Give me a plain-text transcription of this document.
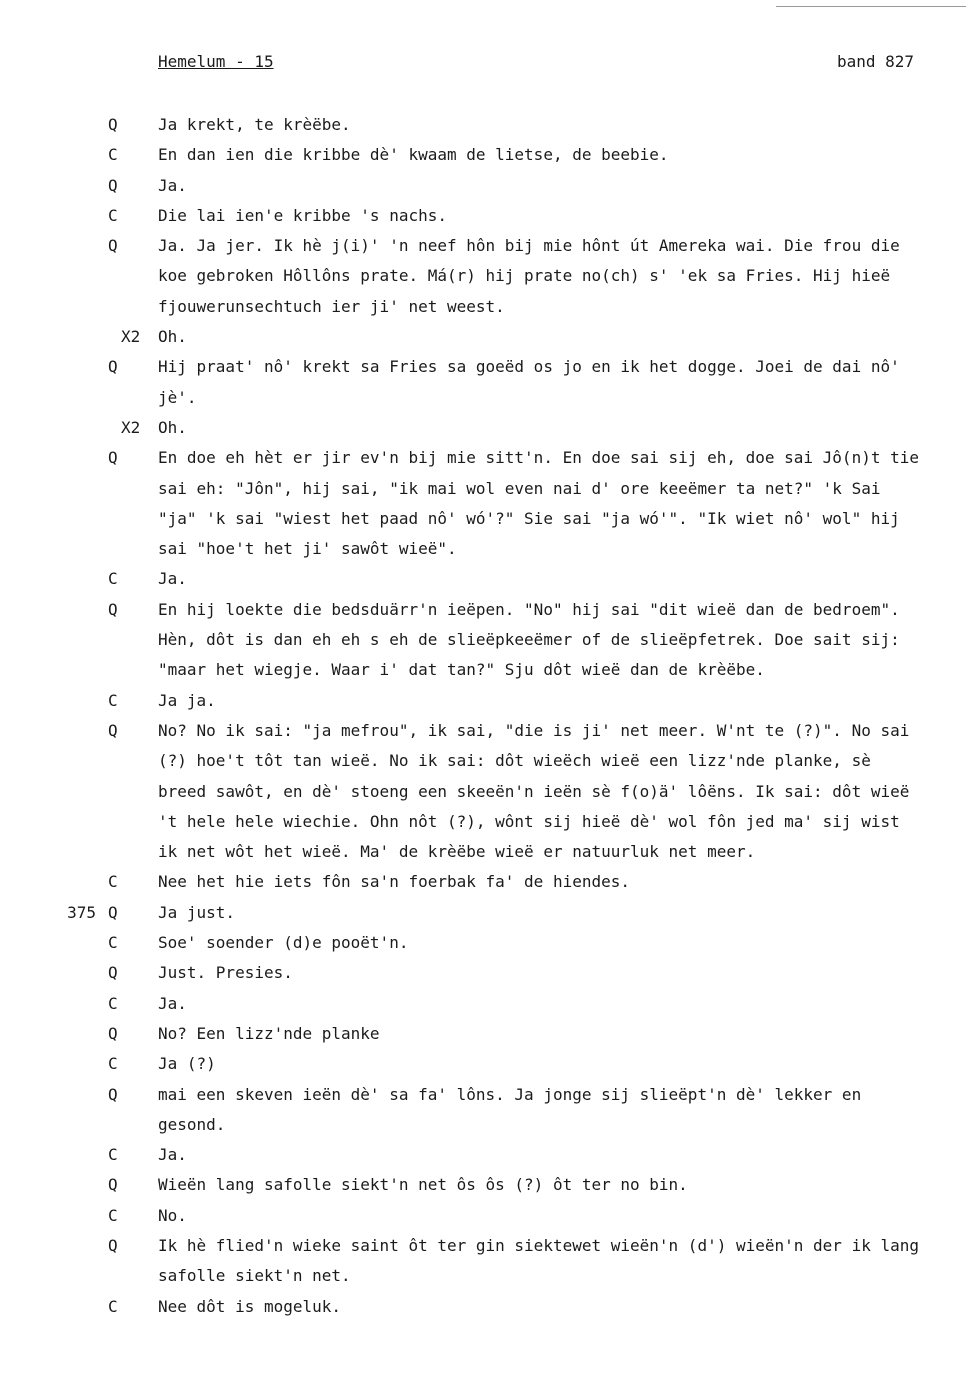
Hemelum - 15	band 827
Q	Ja krekt, te krèëbe.
C	En dan ien die kribbe dè' kwaam de lietse, de beebie.
Q	Ja.
C	Die lai ien'e kribbe 's nachs.
Q	Ja. Ja jer. Ik hè j(i)' 'n neef hôn bij mie hônt út Amereka wai. Die frou die koe gebroken Hôllôns prate. Má(r) hij prate no(ch) s' 'ek sa Fries. Hij hieë fjouwerunsechtuch ier ji' net weest.
X2 Oh.
Q	Hij praat' nô' krekt sa Fries sa goeëd os jo en ik het dogge. Joei de dai nô' jè'.
X2 Oh.
Q	En doe eh hèt er jir ev'n bij mie sitt'n. En doe sai sij eh, doe sai Jô(n)t tie sai eh: "Jôn", hij sai, "ik mai wol even nai d' ore keeëmer ta net?" 'k Sai "ja" 'k sai "wiest het paad nô' wó'?" Sie sai "ja wó'". "Ik wiet nô' wol" hij sai "hoe't het ji' sawôt wieë".
C	Ja.
Q	En hij loekte die bedsduärr'n ieëpen. "No" hij sai "dit wieë dan de bedroem". Hèn, dôt is dan eh eh s eh de slieëpkeeëmer of de slieëpfetrek. Doe sait sij: "maar het wiegje. Waar i' dat tan?" Sju dôt wieë dan de krèëbe.
C	Ja ja.
Q	No? No ik sai: "ja mefrou", ik sai, "die is ji' net meer. W'nt te (?)". No sai (?) hoe't tôt tan wieë. No ik sai: dôt wieëch wieë een lizz'nde planke, sè breed sawôt, en dè' stoeng een skeeën'n ieën sè f(o)ä' lôëns. Ik sai: dôt wieë 't hele hele wiechie. Ohn nôt (?), wônt sij hieë dè' wol fôn jed ma' sij wist ik net wôt het wieë. Ma' de krèëbe wieë er natuurluk net meer.
C	Nee het hie iets fôn sa'n foerbak fa' de hiendes.
375 Q	Ja just.
C	Soe' soender (d)e pooët'n.
Q	Just. Presies.
C	Ja.
Q	No? Een lizz'nde planke
C	Ja (?)
Q	mai een skeven ieën dè' sa fa' lôns. Ja jonge sij slieëpt'n dè' lekker en gesond.
C	Ja.
Q	Wieën lang safolle siekt'n net ôs ôs (?) ôt ter no bin.
C	No.
Q	Ik hè flied'n wieke saint ôt ter gin siektewet wieën'n (d') wieën'n der ik lang safolle siekt'n net.
C	Nee dôt is mogeluk.
